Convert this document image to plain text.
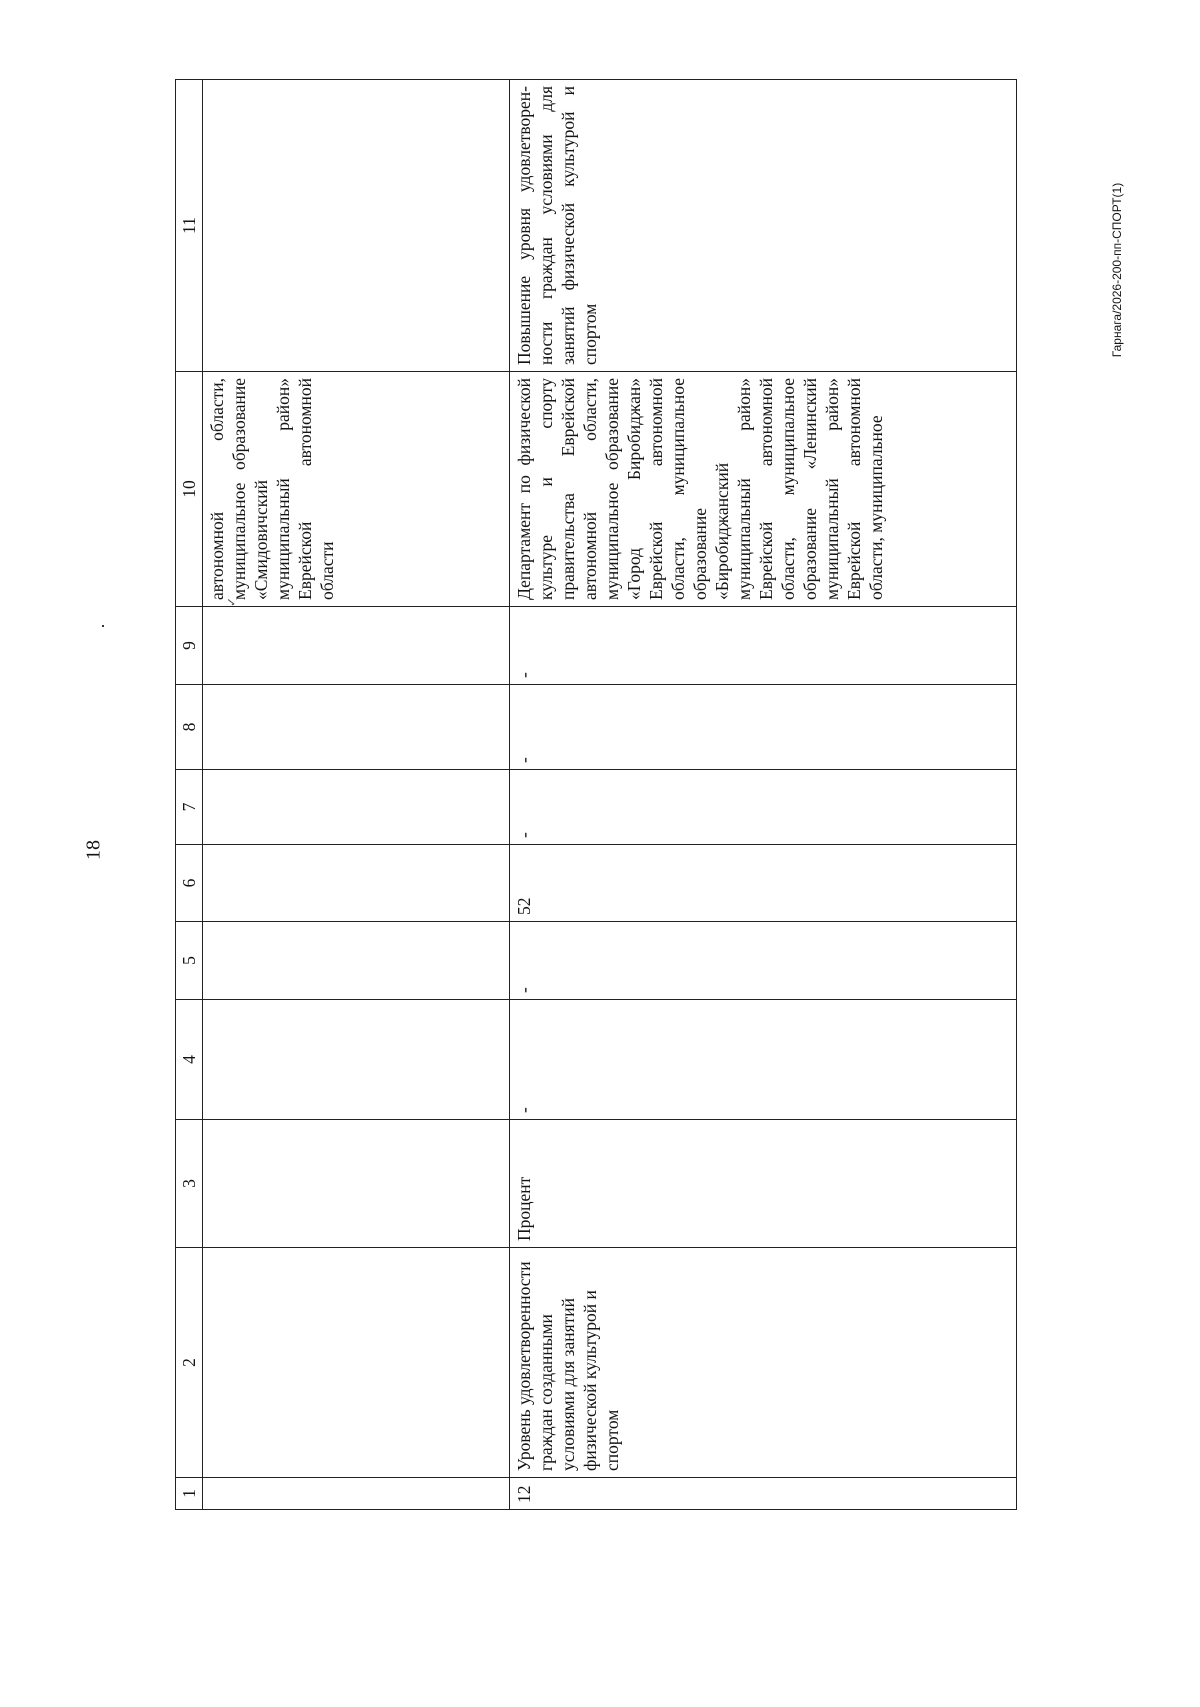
18
Гарнага/2026-200-пп-СПОРТ(1)
✓
1	2	3	4	5	6	7	8	9	10	11
									автономной области, муниципальное образование «Смидовичский муниципальный район» Еврейской автономной области	
12	Уровень удовлетворенности граждан созданными условиями для занятий физической культурой и спортом	Процент	-	-	52	-	-	-	Департамент по физической культуре и спорту правительства Еврейской автономной области, муниципальное образование «Город Биробиджан» Еврейской автономной области, муниципальное образование «Биробиджанский муниципальный район» Еврейской автономной области, муниципальное образование «Ленинский муниципальный район» Еврейской автономной области, муниципальное	Повышение уровня удовлетворен-ности граждан условиями для занятий физической культурой и спортом
